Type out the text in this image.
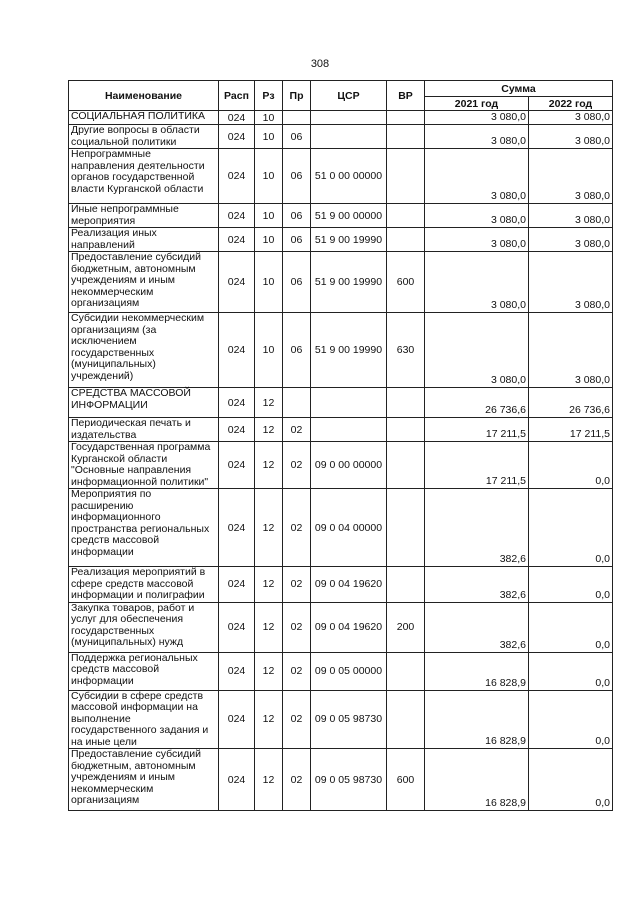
308
Наименование	Расп	Рз	Пр	ЦСР	ВР	Сумма	
						2021 год	2022 год
СОЦИАЛЬНАЯ ПОЛИТИКА	024	10				3 080,0	3 080,0
Другие вопросы в области социальной политики	024	10	06			3 080,0	3 080,0
Непрограммные направления деятельности органов государственной власти Курганской области	024	10	06	51 0 00 00000		3 080,0	3 080,0
Иные непрограммные мероприятия	024	10	06	51 9 00 00000		3 080,0	3 080,0
Реализация иных направлений	024	10	06	51 9 00 19990		3 080,0	3 080,0
Предоставление субсидий бюджетным, автономным учреждениям и иным некоммерческим организациям	024	10	06	51 9 00 19990	600	3 080,0	3 080,0
Субсидии некоммерческим организациям (за исключением государственных (муниципальных) учреждений)	024	10	06	51 9 00 19990	630	3 080,0	3 080,0
СРЕДСТВА МАССОВОЙ ИНФОРМАЦИИ	024	12				26 736,6	26 736,6
Периодическая печать и издательства	024	12	02			17 211,5	17 211,5
Государственная программа Курганской области "Основные направления информационной политики"	024	12	02	09 0 00 00000		17 211,5	0,0
Мероприятия по расширению информационного пространства региональных средств массовой информации	024	12	02	09 0 04 00000		382,6	0,0
Реализация мероприятий в сфере средств массовой информации и полиграфии	024	12	02	09 0 04 19620		382,6	0,0
Закупка товаров, работ и услуг для обеспечения государственных (муниципальных) нужд	024	12	02	09 0 04 19620	200	382,6	0,0
Поддержка региональных средств массовой информации	024	12	02	09 0 05 00000		16 828,9	0,0
Субсидии в сфере средств массовой информации на выполнение государственного задания и на иные цели	024	12	02	09 0 05 98730		16 828,9	0,0
Предоставление субсидий бюджетным, автономным учреждениям и иным некоммерческим организациям	024	12	02	09 0 05 98730	600	16 828,9	0,0
